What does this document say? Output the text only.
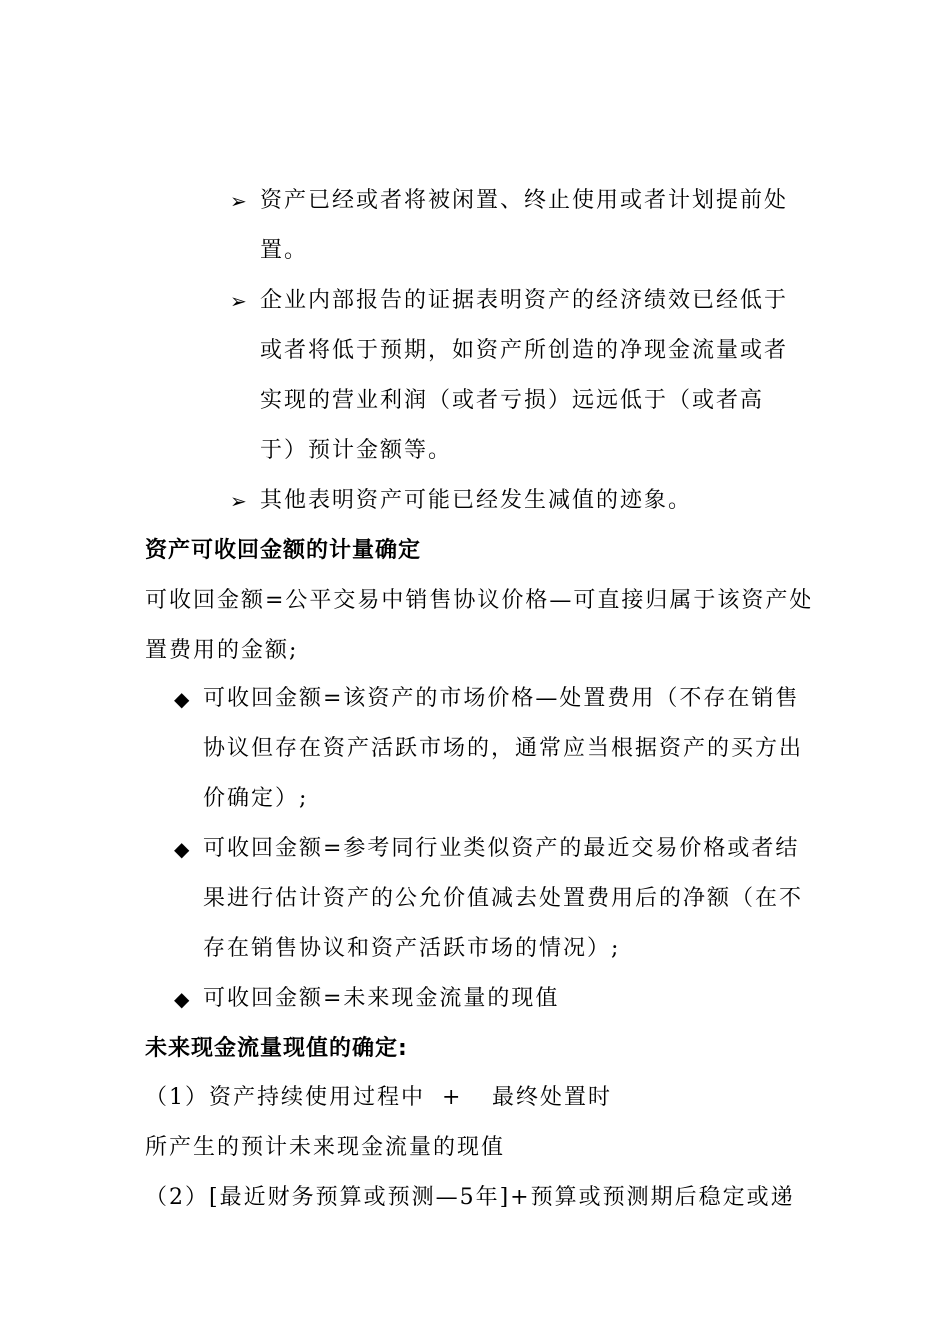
➢ 资产已经或者将被闲置、终止使用或者计划提前处
置。
➢ 企业内部报告的证据表明资产的经济绩效已经低于
或者将低于预期，如资产所创造的净现金流量或者
实现的营业利润（或者亏损）远远低于（或者高
于）预计金额等。
➢ 其他表明资产可能已经发生减值的迹象。
资产可收回金额的计量确定
可收回金额=公平交易中销售协议价格—可直接归属于该资产处
置费用的金额;
◆ 可收回金额=该资产的市场价格—处置费用（不存在销售
协议但存在资产活跃市场的，通常应当根据资产的买方出
价确定）;
◆ 可收回金额=参考同行业类似资产的最近交易价格或者结
果进行估计资产的公允价值减去处置费用后的净额（在不
存在销售协议和资产活跃市场的情况）;
◆ 可收回金额=未来现金流量的现值
未来现金流量现值的确定:
（1）资产持续使用过程中 + 最终处置时
所产生的预计未来现金流量的现值
（2）[最近财务预算或预测—5年]+预算或预测期后稳定或递
